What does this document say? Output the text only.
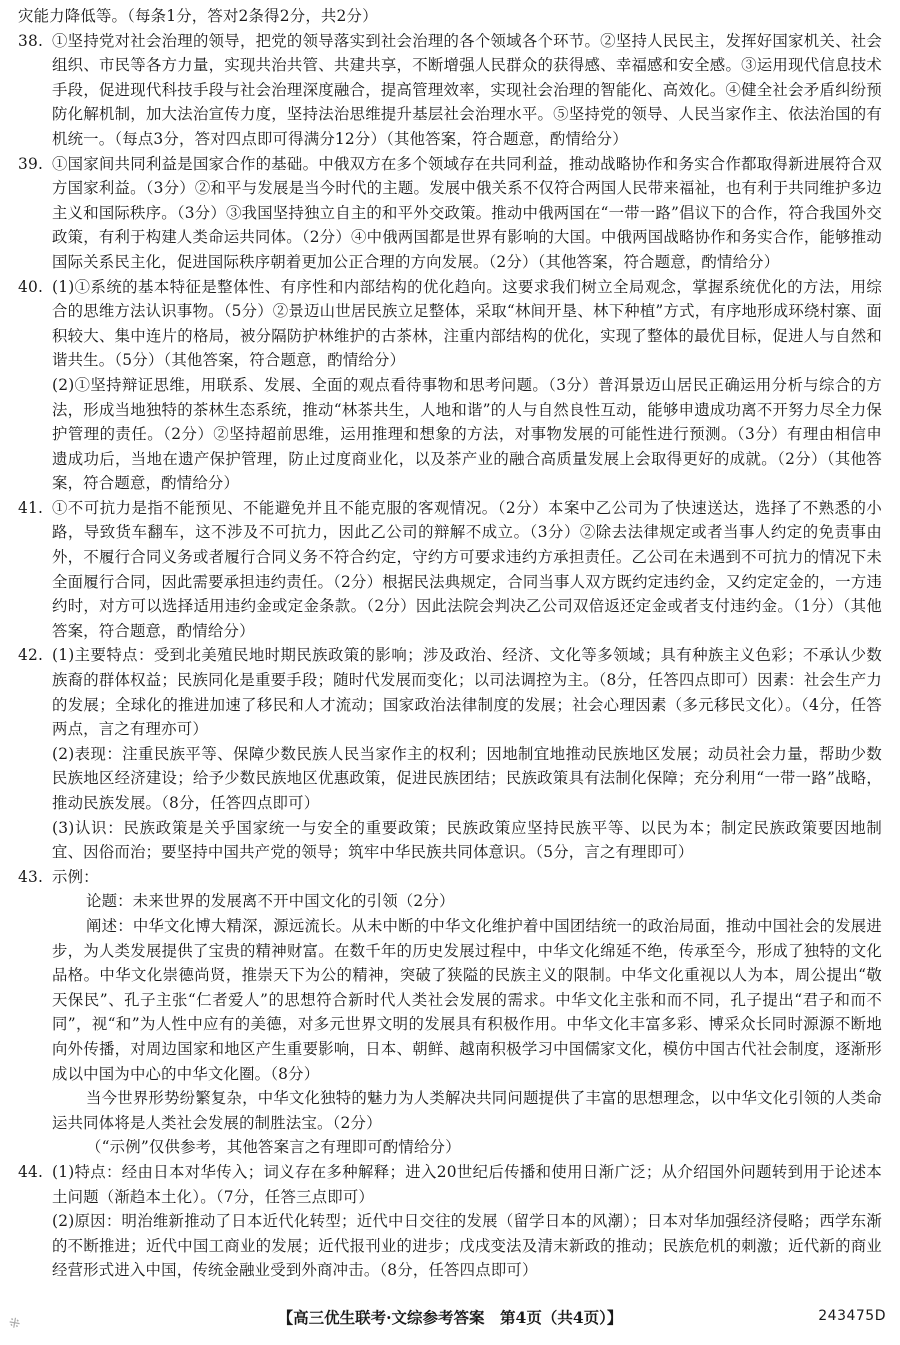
灾能力降低等。（每条1分，答对2条得2分，共2分）

38. ①坚持党对社会治理的领导，把党的领导落实到社会治理的各个领域各个环节。②坚持人民民主，发挥好国家机关、社会组织、市民等各方力量，实现共治共管、共建共享，不断增强人民群众的获得感、幸福感和安全感。③运用现代信息技术手段，促进现代科技手段与社会治理深度融合，提高管理效率，实现社会治理的智能化、高效化。④健全社会矛盾纠纷预防化解机制，加大法治宣传力度，坚持法治思维提升基层社会治理水平。⑤坚持党的领导、人民当家作主、依法治国的有机统一。（每点3分，答对四点即可得满分12分）（其他答案，符合题意，酌情给分）

39. ①国家间共同利益是国家合作的基础。中俄双方在多个领域存在共同利益，推动战略协作和务实合作都取得新进展符合双方国家利益。（3分）②和平与发展是当今时代的主题。发展中俄关系不仅符合两国人民带来福祉，也有利于共同维护多边主义和国际秩序。（3分）③我国坚持独立自主的和平外交政策。推动中俄两国在“一带一路”倡议下的合作，符合我国外交政策，有利于构建人类命运共同体。（2分）④中俄两国都是世界有影响的大国。中俄两国战略协作和务实合作，能够推动国际关系民主化，促进国际秩序朝着更加公正合理的方向发展。（2分）（其他答案，符合题意，酌情给分）

40. (1)①系统的基本特征是整体性、有序性和内部结构的优化趋向。这要求我们树立全局观念，掌握系统优化的方法，用综合的思维方法认识事物。（5分）②景迈山世居民族立足整体，采取“林间开垦、林下种植”方式，有序地形成环绕村寨、面积较大、集中连片的格局，被分隔防护林维护的古茶林，注重内部结构的优化，实现了整体的最优目标，促进人与自然和谐共生。（5分）（其他答案，符合题意，酌情给分）

(2)①坚持辩证思维，用联系、发展、全面的观点看待事物和思考问题。（3分）普洱景迈山居民正确运用分析与综合的方法，形成当地独特的茶林生态系统，推动“林茶共生，人地和谐”的人与自然良性互动，能够申遗成功离不开努力尽全力保护管理的责任。（2分）②坚持超前思维，运用推理和想象的方法，对事物发展的可能性进行预测。（3分）有理由相信申遗成功后，当地在遗产保护管理，防止过度商业化，以及茶产业的融合高质量发展上会取得更好的成就。（2分）（其他答案，符合题意，酌情给分）

41. ①不可抗力是指不能预见、不能避免并且不能克服的客观情况。（2分）本案中乙公司为了快速送达，选择了不熟悉的小路，导致货车翻车，这不涉及不可抗力，因此乙公司的辩解不成立。（3分）②除去法律规定或者当事人约定的免责事由外，不履行合同义务或者履行合同义务不符合约定，守约方可要求违约方承担责任。乙公司在未遇到不可抗力的情况下未全面履行合同，因此需要承担违约责任。（2分）根据民法典规定，合同当事人双方既约定违约金，又约定定金的，一方违约时，对方可以选择适用违约金或定金条款。（2分）因此法院会判决乙公司双倍返还定金或者支付违约金。（1分）（其他答案，符合题意，酌情给分）

42. (1)主要特点：受到北美殖民地时期民族政策的影响；涉及政治、经济、文化等多领域；具有种族主义色彩；不承认少数族裔的群体权益；民族同化是重要手段；随时代发展而变化；以司法调控为主。（8分，任答四点即可）因素：社会生产力的发展；全球化的推进加速了移民和人才流动；国家政治法律制度的发展；社会心理因素（多元移民文化）。（4分，任答两点，言之有理亦可）

(2)表现：注重民族平等、保障少数民族人民当家作主的权利；因地制宜地推动民族地区发展；动员社会力量，帮助少数民族地区经济建设；给予少数民族地区优惠政策，促进民族团结；民族政策具有法制化保障；充分利用“一带一路”战略，推动民族发展。（8分，任答四点即可）

(3)认识：民族政策是关乎国家统一与安全的重要政策；民族政策应坚持民族平等、以民为本；制定民族政策要因地制宜、因俗而治；要坚持中国共产党的领导；筑牢中华民族共同体意识。（5分，言之有理即可）

43. 示例：

论题：未来世界的发展离不开中国文化的引领（2分）

阐述：中华文化博大精深，源远流长。从未中断的中华文化维护着中国团结统一的政治局面，推动中国社会的发展进步，为人类发展提供了宝贵的精神财富。在数千年的历史发展过程中，中华文化绵延不绝，传承至今，形成了独特的文化品格。中华文化崇德尚贤，推崇天下为公的精神，突破了狭隘的民族主义的限制。中华文化重视以人为本，周公提出“敬天保民”、孔子主张“仁者爱人”的思想符合新时代人类社会发展的需求。中华文化主张和而不同，孔子提出“君子和而不同”，视“和”为人性中应有的美德，对多元世界文明的发展具有积极作用。中华文化丰富多彩、博采众长同时源源不断地向外传播，对周边国家和地区产生重要影响，日本、朝鲜、越南积极学习中国儒家文化，模仿中国古代社会制度，逐渐形成以中国为中心的中华文化圈。（8分）

当今世界形势纷繁复杂，中华文化独特的魅力为人类解决共同问题提供了丰富的思想理念，以中华文化引领的人类命运共同体将是人类社会发展的制胜法宝。（2分）

（“示例”仅供参考，其他答案言之有理即可酌情给分）

44. (1)特点：经由日本对华传入；词义存在多种解释；进入20世纪后传播和使用日渐广泛；从介绍国外问题转到用于论述本土问题（渐趋本土化）。（7分，任答三点即可）

(2)原因：明治维新推动了日本近代化转型；近代中日交往的发展（留学日本的风潮）；日本对华加强经济侵略；西学东渐的不断推进；近代中国工商业的发展；近代报刊业的进步；戊戌变法及清末新政的推动；民族危机的刺激；近代新的商业经营形式进入中国，传统金融业受到外商冲击。（8分，任答四点即可）

※	【高三优生联考·文综参考答案　第4页（共4页）】	243475D
